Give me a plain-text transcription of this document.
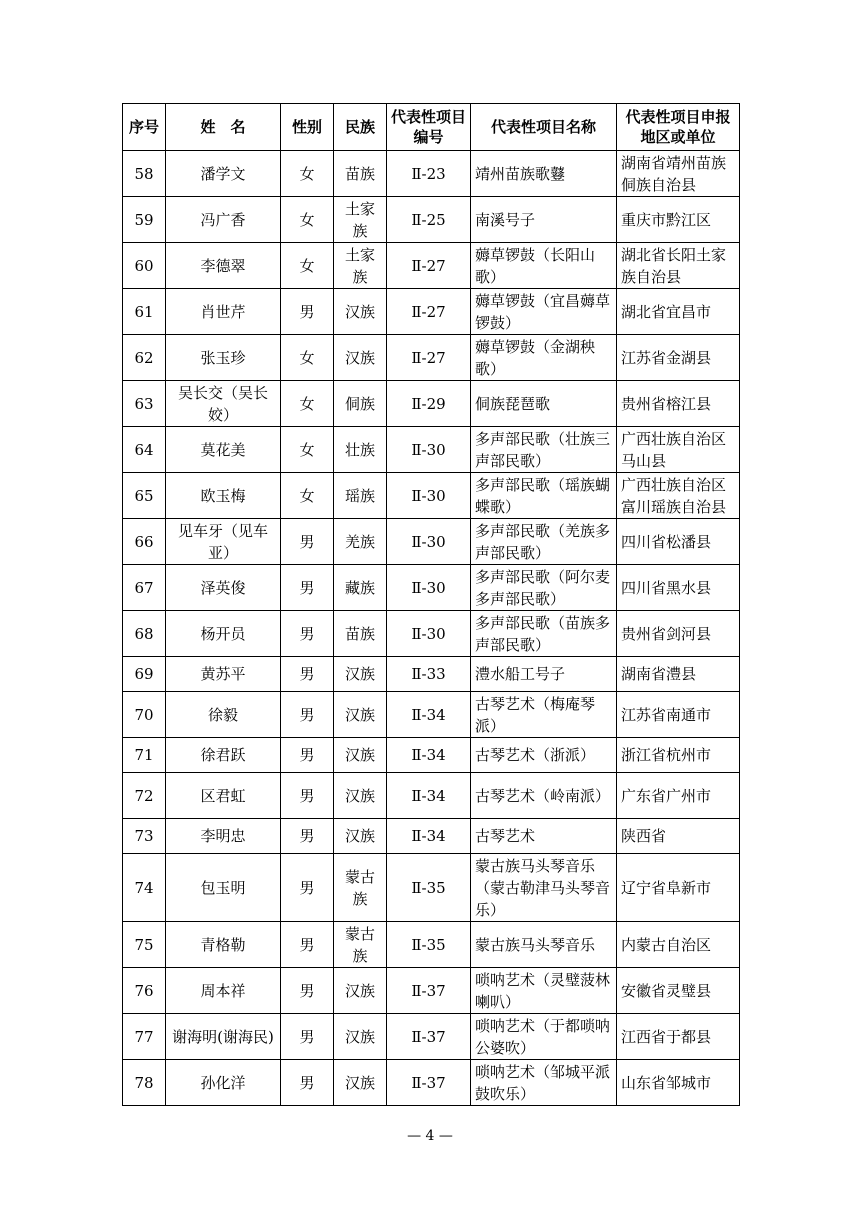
序号	姓　名	性别	民族	代表性项目编号	代表性项目名称	代表性项目申报地区或单位
58	潘学文	女	苗族	Ⅱ-23	靖州苗族歌鼟	湖南省靖州苗族侗族自治县
59	冯广香	女	土家族	Ⅱ-25	南溪号子	重庆市黔江区
60	李德翠	女	土家族	Ⅱ-27	薅草锣鼓（长阳山歌）	湖北省长阳土家族自治县
61	肖世芹	男	汉族	Ⅱ-27	薅草锣鼓（宜昌薅草锣鼓）	湖北省宜昌市
62	张玉珍	女	汉族	Ⅱ-27	薅草锣鼓（金湖秧歌）	江苏省金湖县
63	吴长交（吴长姣）	女	侗族	Ⅱ-29	侗族琵琶歌	贵州省榕江县
64	莫花美	女	壮族	Ⅱ-30	多声部民歌（壮族三声部民歌）	广西壮族自治区马山县
65	欧玉梅	女	瑶族	Ⅱ-30	多声部民歌（瑶族蝴蝶歌）	广西壮族自治区富川瑶族自治县
66	见车牙（见车亚）	男	羌族	Ⅱ-30	多声部民歌（羌族多声部民歌）	四川省松潘县
67	泽英俊	男	藏族	Ⅱ-30	多声部民歌（阿尔麦多声部民歌）	四川省黑水县
68	杨开员	男	苗族	Ⅱ-30	多声部民歌（苗族多声部民歌）	贵州省剑河县
69	黄苏平	男	汉族	Ⅱ-33	澧水船工号子	湖南省澧县
70	徐毅	男	汉族	Ⅱ-34	古琴艺术（梅庵琴派）	江苏省南通市
71	徐君跃	男	汉族	Ⅱ-34	古琴艺术（浙派）	浙江省杭州市
72	区君虹	男	汉族	Ⅱ-34	古琴艺术（岭南派）	广东省广州市
73	李明忠	男	汉族	Ⅱ-34	古琴艺术	陕西省
74	包玉明	男	蒙古族	Ⅱ-35	蒙古族马头琴音乐（蒙古勒津马头琴音乐）	辽宁省阜新市
75	青格勒	男	蒙古族	Ⅱ-35	蒙古族马头琴音乐	内蒙古自治区
76	周本祥	男	汉族	Ⅱ-37	唢呐艺术（灵璧菠林喇叭）	安徽省灵璧县
77	谢海明(谢海民)	男	汉族	Ⅱ-37	唢呐艺术（于都唢呐公婆吹）	江西省于都县
78	孙化洋	男	汉族	Ⅱ-37	唢呐艺术（邹城平派鼓吹乐）	山东省邹城市
— 4 —
